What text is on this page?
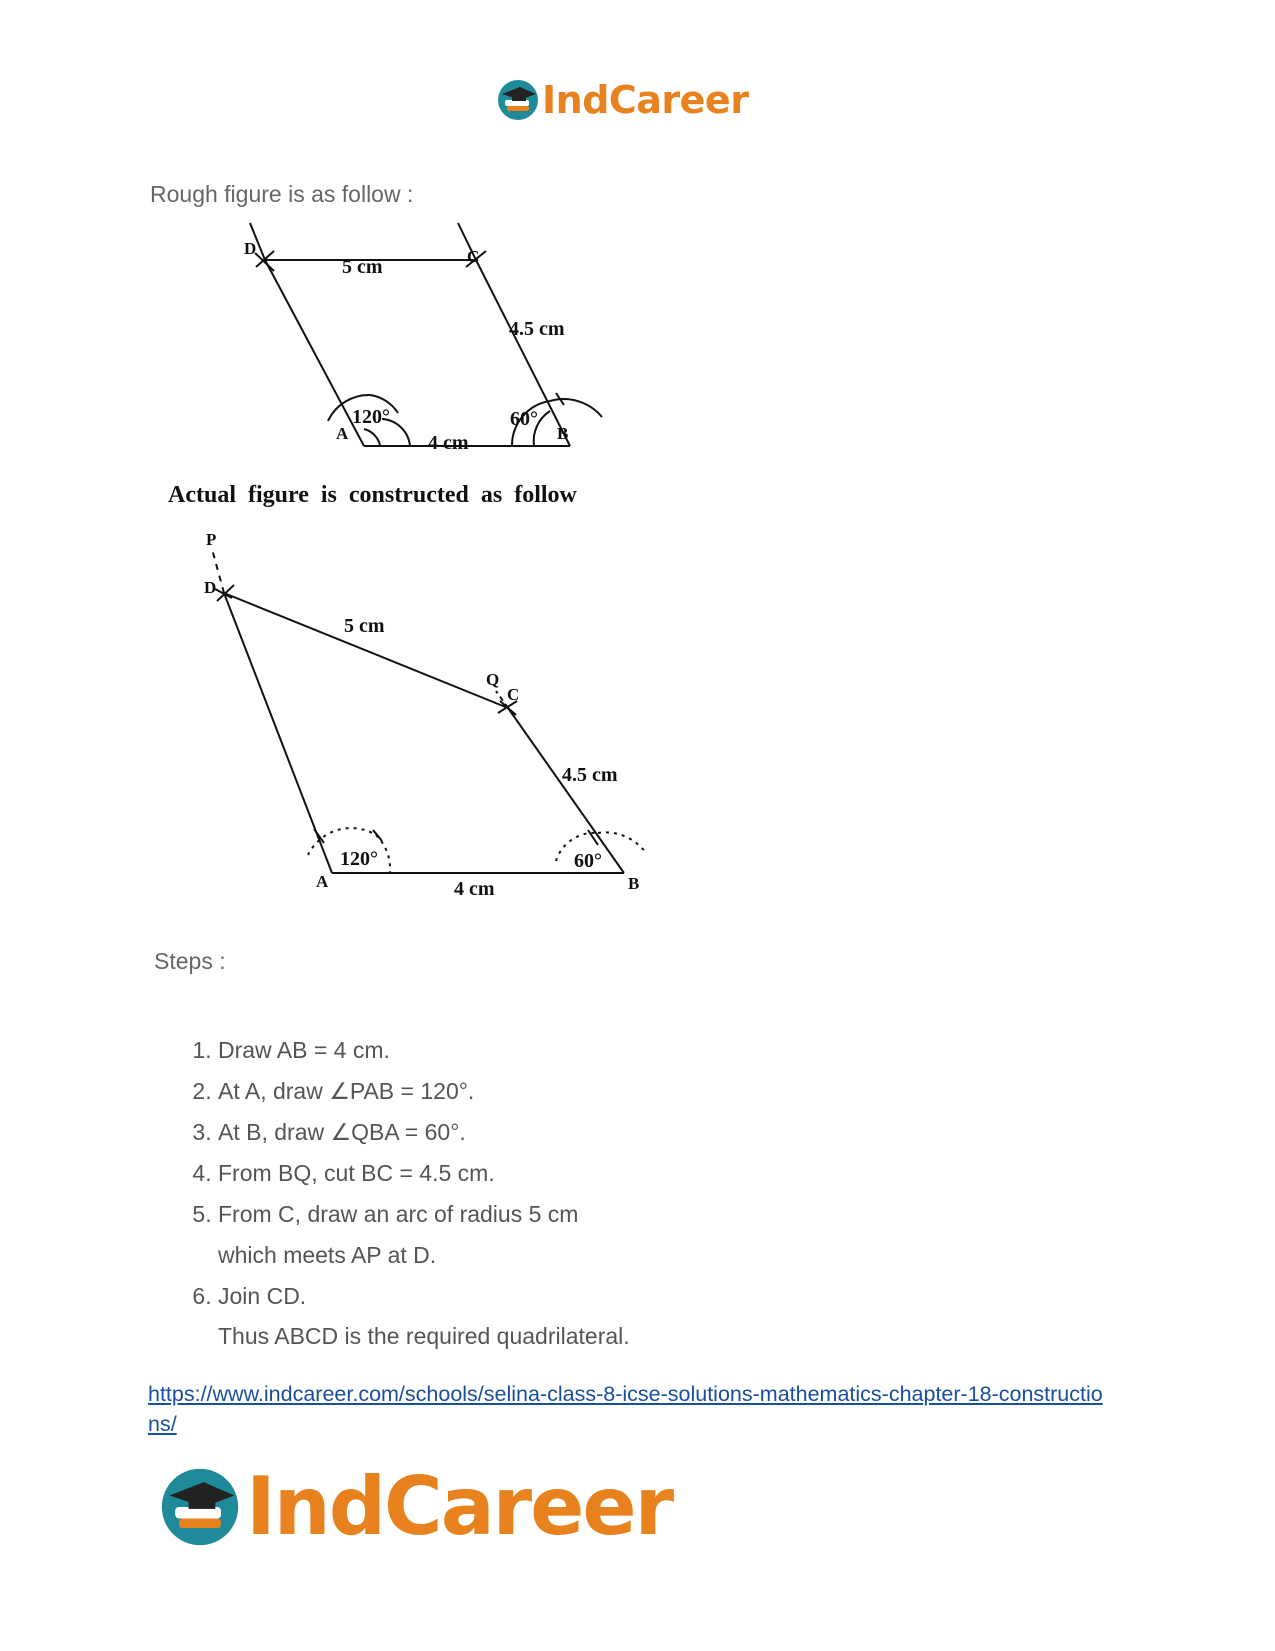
IndCareer
Rough figure is as follow :
D	C
A	B
5 cm
4.5 cm
4 cm
120°	60°
Actual figure is constructed as follow
P
D
Q
C
A	B
5 cm
4.5 cm
4 cm
120°	60°
Steps :
1. Draw AB = 4 cm.
2. At A, draw ∠PAB = 120°.
3. At B, draw ∠QBA = 60°.
4. From BQ, cut BC = 4.5 cm.
5. From C, draw an arc of radius 5 cm
which meets AP at D.
6. Join CD.
Thus ABCD is the required quadrilateral.
https://www.indcareer.com/schools/selina-class-8-icse-solutions-mathematics-chapter-18-constructions/
IndCareer
